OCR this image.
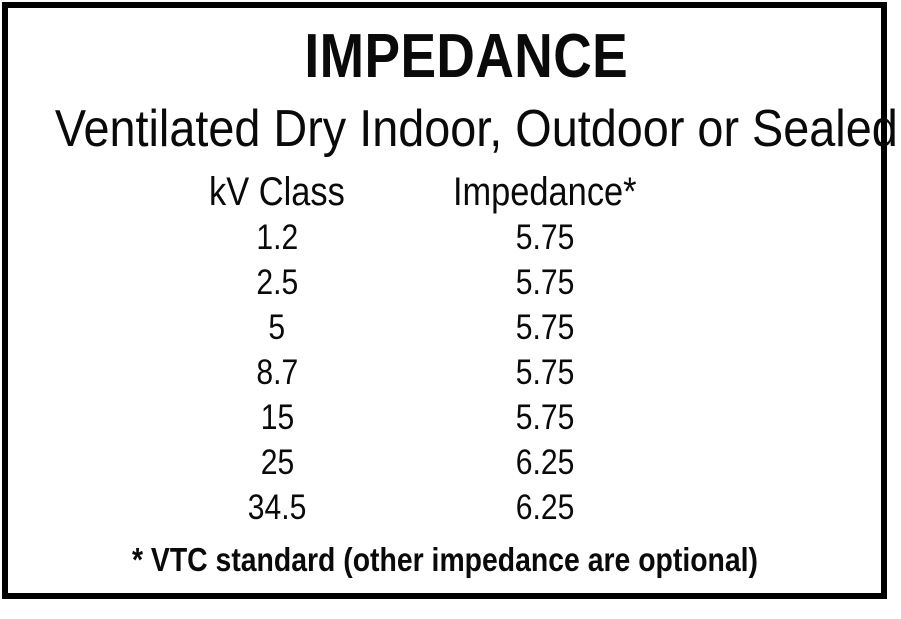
IMPEDANCE
Ventilated Dry Indoor, Outdoor or Sealed
kV Class	Impedance*
1.2	5.75
2.5	5.75
5	5.75
8.7	5.75
15	5.75
25	6.25
34.5	6.25
* VTC standard (other impedance are optional)
